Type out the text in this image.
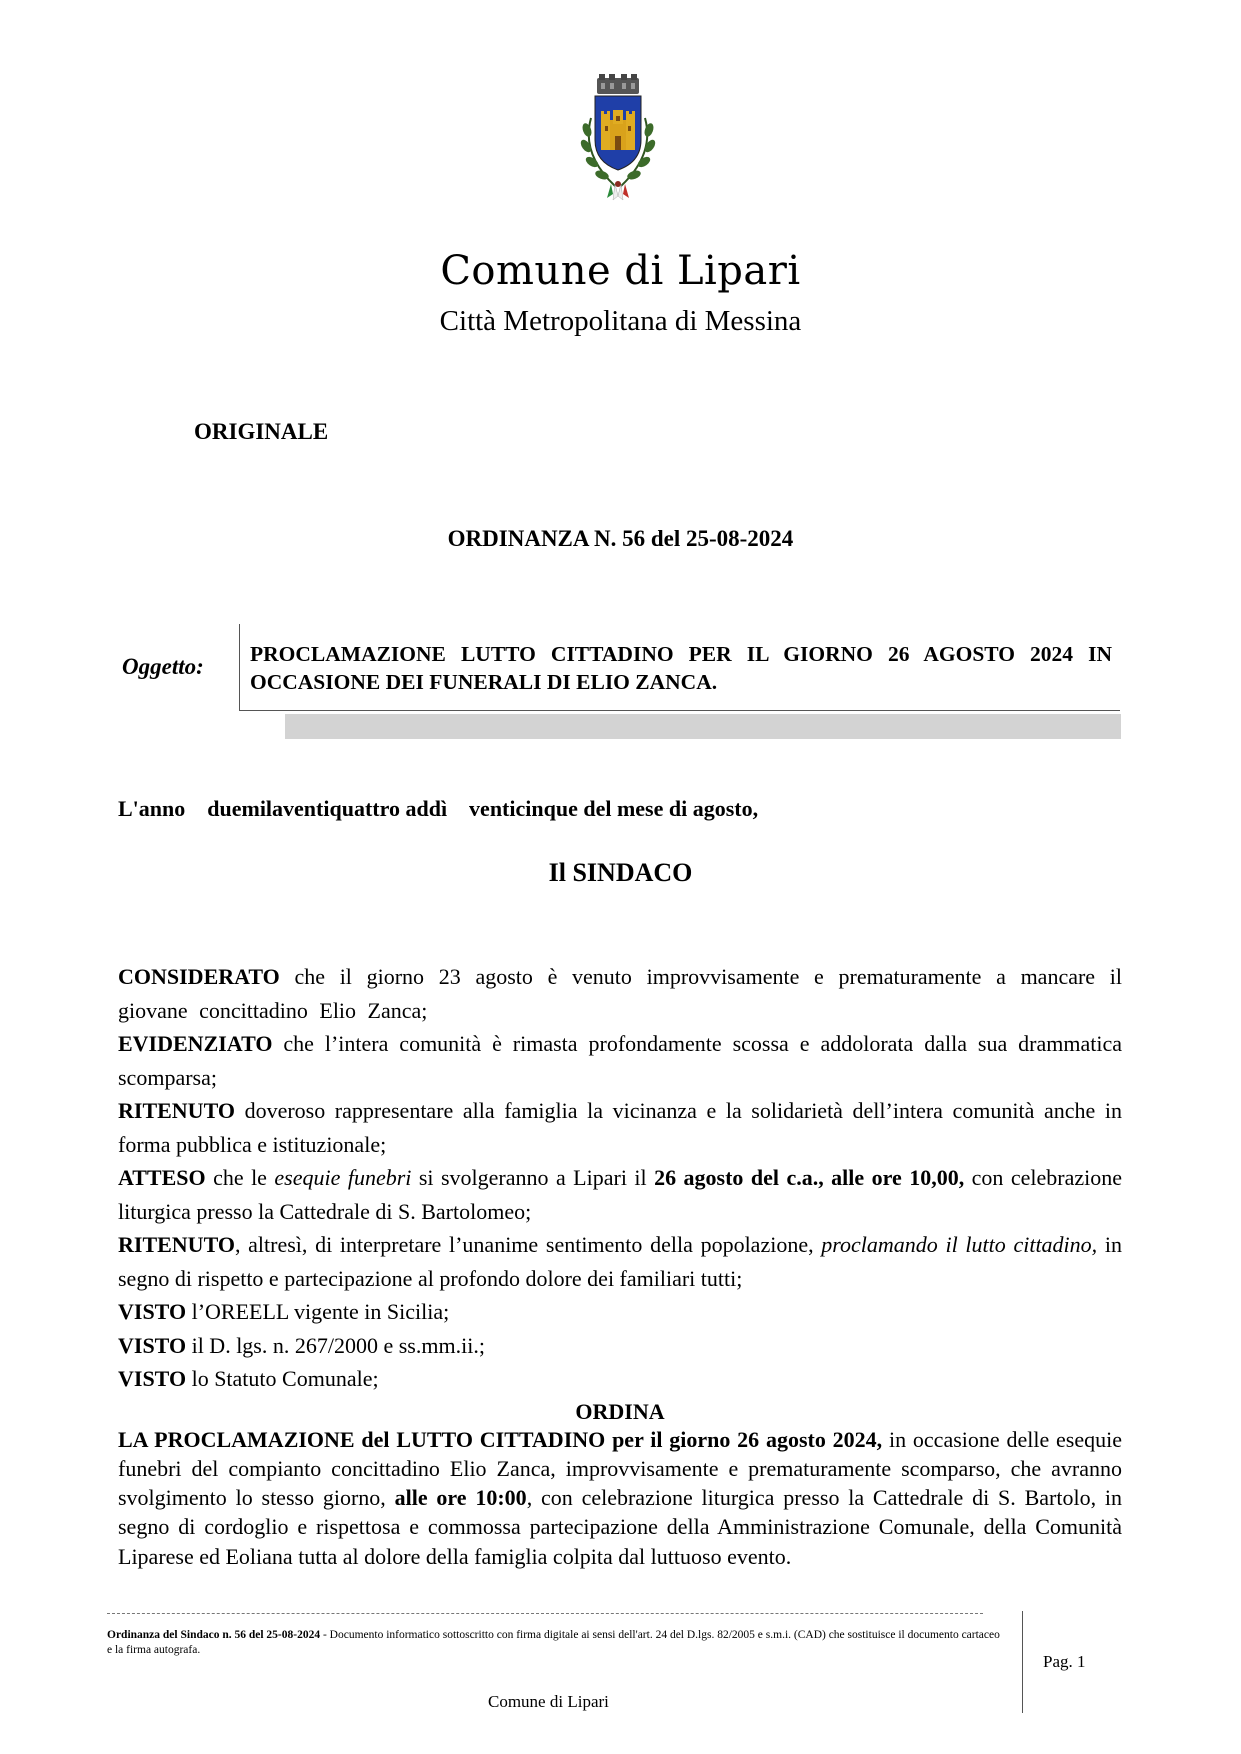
Comune di Lipari
Città Metropolitana di Messina
ORIGINALE
ORDINANZA N. 56 del 25-08-2024
Oggetto: PROCLAMAZIONE LUTTO CITTADINO PER IL GIORNO 26 AGOSTO 2024 IN OCCASIONE DEI FUNERALI DI ELIO ZANCA.
L'anno    duemilaventiquattro addì    venticinque del mese di agosto,
Il SINDACO

CONSIDERATO che il giorno 23 agosto è venuto improvvisamente e prematuramente a mancare il giovane concittadino Elio Zanca;

EVIDENZIATO che l’intera comunità è rimasta profondamente scossa e addolorata dalla sua drammatica scomparsa;

RITENUTO doveroso rappresentare alla famiglia la vicinanza e la solidarietà dell’intera comunità anche in forma pubblica e istituzionale;

ATTESO che le esequie funebri si svolgeranno a Lipari il 26 agosto del c.a., alle ore 10,00, con celebrazione liturgica presso la Cattedrale di S. Bartolomeo;

RITENUTO, altresì, di interpretare l’unanime sentimento della popolazione, proclamando il lutto cittadino, in segno di rispetto e partecipazione al profondo dolore dei familiari tutti;

VISTO l’OREELL vigente in Sicilia;

VISTO il D. lgs. n. 267/2000 e ss.mm.ii.;

VISTO lo Statuto Comunale;

ORDINA

LA PROCLAMAZIONE del LUTTO CITTADINO per il giorno 26 agosto 2024, in occasione delle esequie funebri del compianto concittadino Elio Zanca, improvvisamente e prematuramente scomparso, che avranno svolgimento lo stesso giorno, alle ore 10:00, con celebrazione liturgica presso la Cattedrale di S. Bartolo, in segno di cordoglio e rispettosa e commossa partecipazione della Amministrazione Comunale, della Comunità Liparese ed Eoliana tutta al dolore della famiglia colpita dal luttuoso evento.

Ordinanza del Sindaco n. 56 del 25-08-2024 - Documento informatico sottoscritto con firma digitale ai sensi dell'art. 24 del D.lgs. 82/2005 e s.m.i. (CAD) che sostituisce il documento cartaceo e la firma autografa.
Pag. 1
Comune di Lipari
